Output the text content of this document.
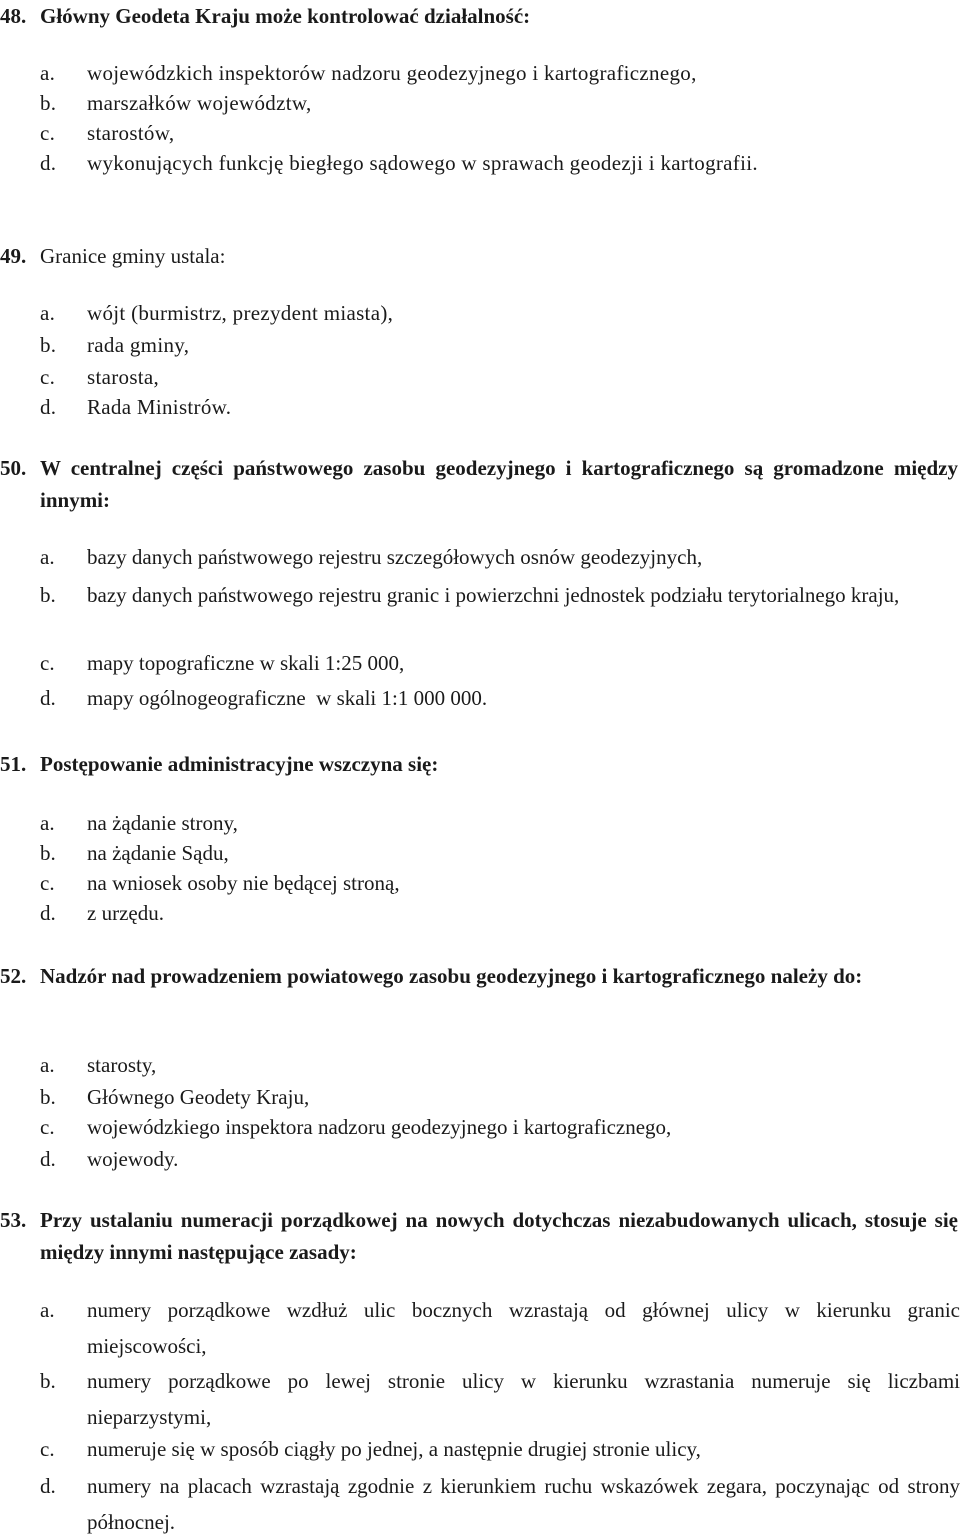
48. Główny Geodeta Kraju może kontrolować działalność:
a. wojewódzkich inspektorów nadzoru geodezyjnego i kartograficznego,
b. marszałków województw,
c. starostów,
d. wykonujących funkcję biegłego sądowego w sprawach geodezji i kartografii.
49. Granice gminy ustala:
a. wójt (burmistrz, prezydent miasta),
b. rada gminy,
c. starosta,
d. Rada Ministrów.
50. W centralnej części państwowego zasobu geodezyjnego i kartograficznego są gromadzone między innymi:
a. bazy danych państwowego rejestru szczegółowych osnów geodezyjnych,
b. bazy danych państwowego rejestru granic i powierzchni jednostek podziału terytorialnego kraju,
c. mapy topograficzne w skali 1:25 000,
d. mapy ogólnogeograficzne  w skali 1:1 000 000.
51. Postępowanie administracyjne wszczyna się:
a. na żądanie strony,
b. na żądanie Sądu,
c. na wniosek osoby nie będącej stroną,
d. z urzędu.
52. Nadzór nad prowadzeniem powiatowego zasobu geodezyjnego i kartograficznego należy do:
a. starosty,
b. Głównego Geodety Kraju,
c. wojewódzkiego inspektora nadzoru geodezyjnego i kartograficznego,
d. wojewody.
53. Przy ustalaniu numeracji porządkowej na nowych dotychczas niezabudowanych ulicach, stosuje się między innymi następujące zasady:
a. numery porządkowe wzdłuż ulic bocznych wzrastają od głównej ulicy w kierunku granic miejscowości,
b. numery porządkowe po lewej stronie ulicy w kierunku wzrastania numeruje się liczbami nieparzystymi,
c. numeruje się w sposób ciągły po jednej, a następnie drugiej stronie ulicy,
d. numery na placach wzrastają zgodnie z kierunkiem ruchu wskazówek zegara, poczynając od strony północnej.
